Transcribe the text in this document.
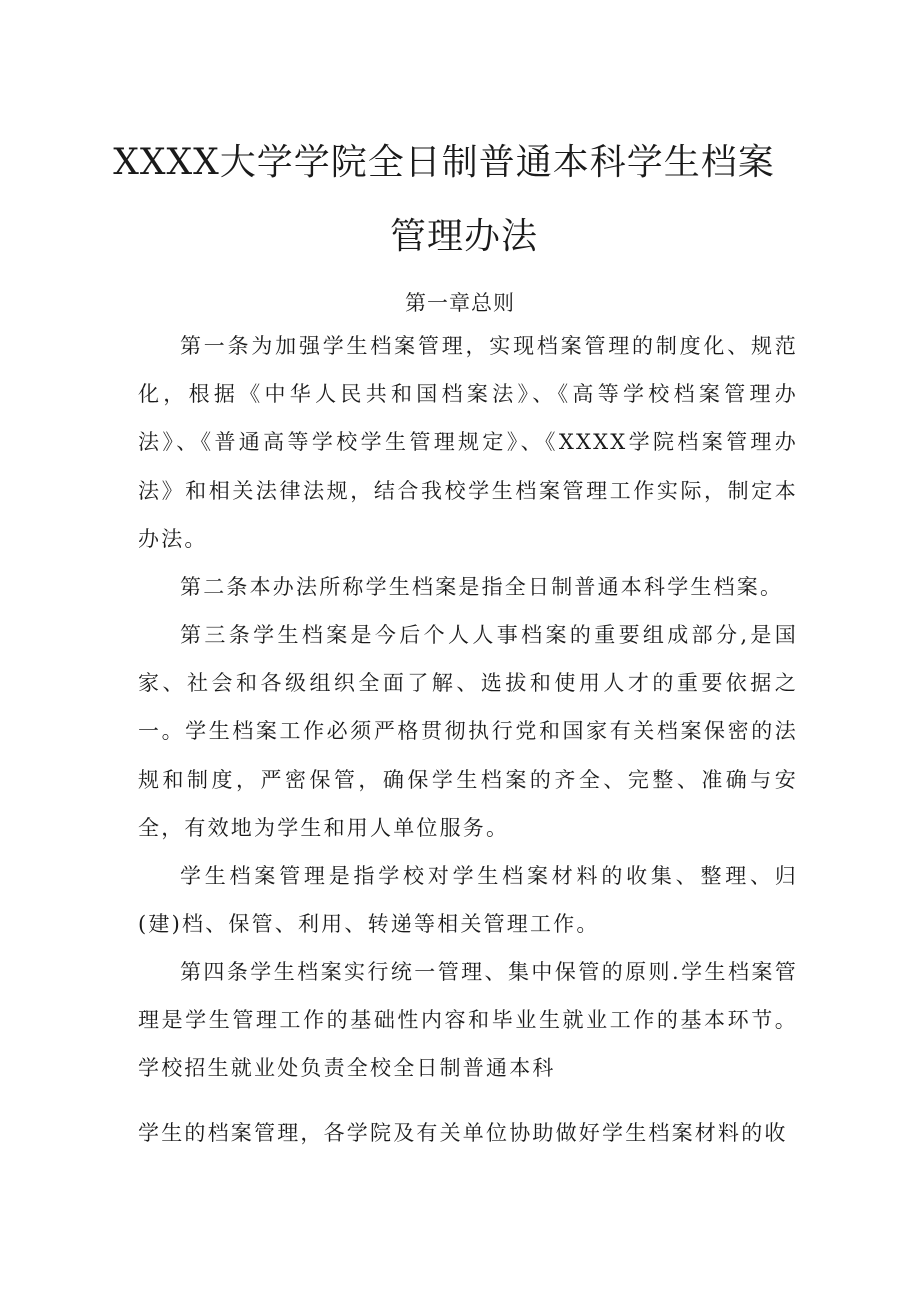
XXXX大学学院全日制普通本科学生档案
管理办法
第一章总则
第一条为加强学生档案管理，实现档案管理的制度化、规范化，根据《中华人民共和国档案法》、《高等学校档案管理办法》、《普通高等学校学生管理规定》、《XXXX学院档案管理办法》和相关法律法规，结合我校学生档案管理工作实际，制定本办法。
第二条本办法所称学生档案是指全日制普通本科学生档案。
第三条学生档案是今后个人人事档案的重要组成部分,是国家、社会和各级组织全面了解、选拔和使用人才的重要依据之一。学生档案工作必须严格贯彻执行党和国家有关档案保密的法规和制度，严密保管，确保学生档案的齐全、完整、准确与安全，有效地为学生和用人单位服务。
学生档案管理是指学校对学生档案材料的收集、整理、归(建)档、保管、利用、转递等相关管理工作。
第四条学生档案实行统一管理、集中保管的原则.学生档案管理是学生管理工作的基础性内容和毕业生就业工作的基本环节。学校招生就业处负责全校全日制普通本科
学生的档案管理，各学院及有关单位协助做好学生档案材料的收
